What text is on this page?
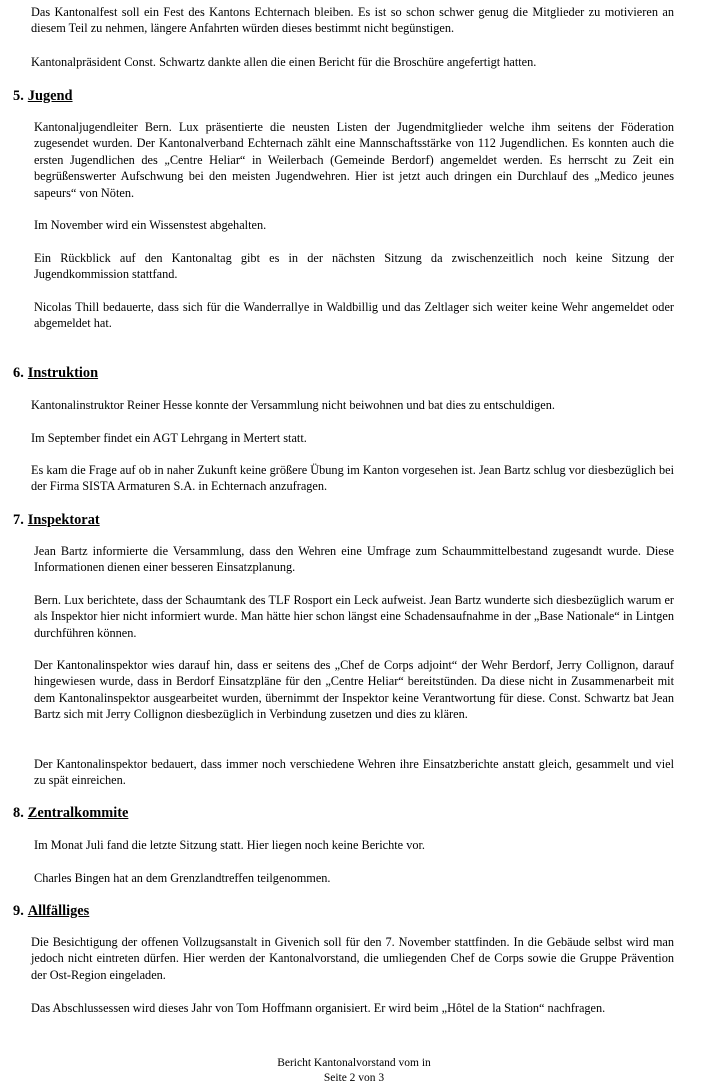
Das Kantonalfest soll ein Fest des Kantons Echternach bleiben. Es ist so schon schwer genug die Mitglieder zu motivieren an diesem Teil zu nehmen, längere Anfahrten würden dieses bestimmt nicht begünstigen.

Kantonalpräsident Const. Schwartz dankte allen die einen Bericht für die Broschüre angefertigt hatten.

5. Jugend

Kantonaljugendleiter Bern. Lux präsentierte die neusten Listen der Jugendmitglieder welche ihm seitens der Föderation zugesendet wurden. Der Kantonalverband Echternach zählt eine Mannschaftsstärke von 112 Jugendlichen. Es konnten auch die ersten Jugendlichen des „Centre Heliar“ in Weilerbach (Gemeinde Berdorf) angemeldet werden. Es herrscht zu Zeit ein begrüßenswerter Aufschwung bei den meisten Jugendwehren. Hier ist jetzt auch dringen ein Durchlauf des „Medico jeunes sapeurs“ von Nöten.

Im November wird ein Wissenstest abgehalten.

Ein Rückblick auf den Kantonaltag gibt es in der nächsten Sitzung da zwischenzeitlich noch keine Sitzung der Jugendkommission stattfand.

Nicolas Thill bedauerte, dass sich für die Wanderrallye in Waldbillig und das Zeltlager sich weiter keine Wehr angemeldet oder abgemeldet hat.

6. Instruktion

Kantonalinstruktor Reiner Hesse konnte der Versammlung nicht beiwohnen und bat dies zu entschuldigen.

Im September findet ein AGT Lehrgang in Mertert statt.

Es kam die Frage auf ob in naher Zukunft keine größere Übung im Kanton vorgesehen ist. Jean Bartz schlug vor diesbezüglich bei der Firma SISTA Armaturen S.A. in Echternach anzufragen.

7. Inspektorat

Jean Bartz informierte die Versammlung, dass den Wehren eine Umfrage zum Schaummittelbestand zugesandt wurde. Diese Informationen dienen einer besseren Einsatzplanung.

Bern. Lux berichtete, dass der Schaumtank des TLF Rosport ein Leck aufweist. Jean Bartz wunderte sich diesbezüglich warum er als Inspektor hier nicht informiert wurde. Man hätte hier schon längst eine Schadensaufnahme in der „Base Nationale“ in Lintgen durchführen können.

Der Kantonalinspektor wies darauf hin, dass er seitens des „Chef de Corps adjoint“ der Wehr Berdorf, Jerry Collignon, darauf hingewiesen wurde, dass in Berdorf Einsatzpläne für den „Centre Heliar“ bereitstünden. Da diese nicht in Zusammenarbeit mit dem Kantonalinspektor ausgearbeitet wurden, übernimmt der Inspektor keine Verantwortung für diese. Const. Schwartz bat Jean Bartz sich mit Jerry Collignon diesbezüglich in Verbindung zusetzen und dies zu klären.

Der Kantonalinspektor bedauert, dass immer noch verschiedene Wehren ihre Einsatzberichte anstatt gleich, gesammelt und viel zu spät einreichen.

8. Zentralkommite

Im Monat Juli fand die letzte Sitzung statt. Hier liegen noch keine Berichte vor.

Charles Bingen hat an dem Grenzlandtreffen teilgenommen.

9. Allfälliges

Die Besichtigung der offenen Vollzugsanstalt in Givenich soll für den 7. November stattfinden. In die Gebäude selbst wird man jedoch nicht eintreten dürfen. Hier werden der Kantonalvorstand, die umliegenden Chef de Corps sowie die Gruppe Prävention der Ost-Region eingeladen.

Das Abschlussessen wird dieses Jahr von Tom Hoffmann organisiert. Er wird beim „Hôtel de la Station“ nachfragen.

Bericht Kantonalvorstand vom in
Seite 2 von 3
